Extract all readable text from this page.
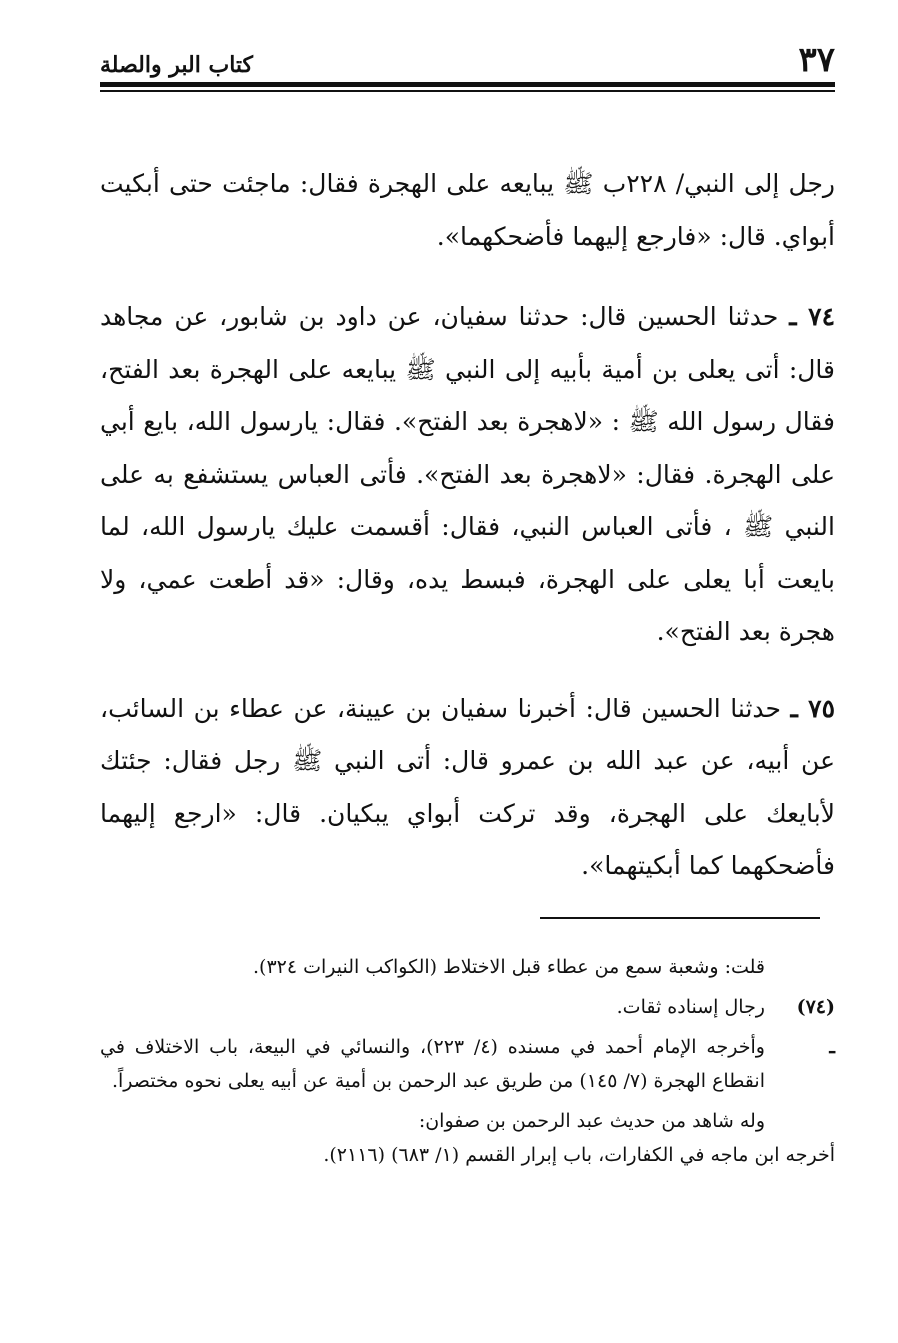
٣٧
كتاب البر والصلة

رجل إلى النبي/ ٢٢٨ب ﷺ يبايعه على الهجرة فقال: ماجئت حتى أبكيت أبواي. قال: «فارجع إليهما فأضحكهما».

٧٤ ـ حدثنا الحسين قال: حدثنا سفيان، عن داود بن شابور، عن مجاهد قال: أتى يعلى بن أمية بأبيه إلى النبي ﷺ يبايعه على الهجرة بعد الفتح، فقال رسول الله ﷺ : «لاهجرة بعد الفتح». فقال: يارسول الله، بايع أبي على الهجرة. فقال: «لاهجرة بعد الفتح». فأتى العباس يستشفع به على النبي ﷺ ، فأتى العباس النبي، فقال: أقسمت عليك يارسول الله، لما بايعت أبا يعلى على الهجرة، فبسط يده، وقال: «قد أطعت عمي، ولا هجرة بعد الفتح».

٧٥ ـ حدثنا الحسين قال: أخبرنا سفيان بن عيينة، عن عطاء بن السائب، عن أبيه، عن عبد الله بن عمرو قال: أتى النبي ﷺ رجل فقال: جئتك لأبايعك على الهجرة، وقد تركت أبواي يبكيان. قال: «ارجع إليهما فأضحكهما كما أبكيتهما».

قلت: وشعبة سمع من عطاء قبل الاختلاط (الكواكب النيرات ٣٢٤).
(٧٤)
رجال إسناده ثقات.
ـ
وأخرجه الإمام أحمد في مسنده (٤/ ٢٢٣)، والنسائي في البيعة، باب الاختلاف في انقطاع الهجرة (٧/ ١٤٥) من طريق عبد الرحمن بن أمية عن أبيه يعلى نحوه مختصراً.
وله شاهد من حديث عبد الرحمن بن صفوان:
أخرجه ابن ماجه في الكفارات، باب إبرار القسم (١/ ٦٨٣) (٢١١٦).
